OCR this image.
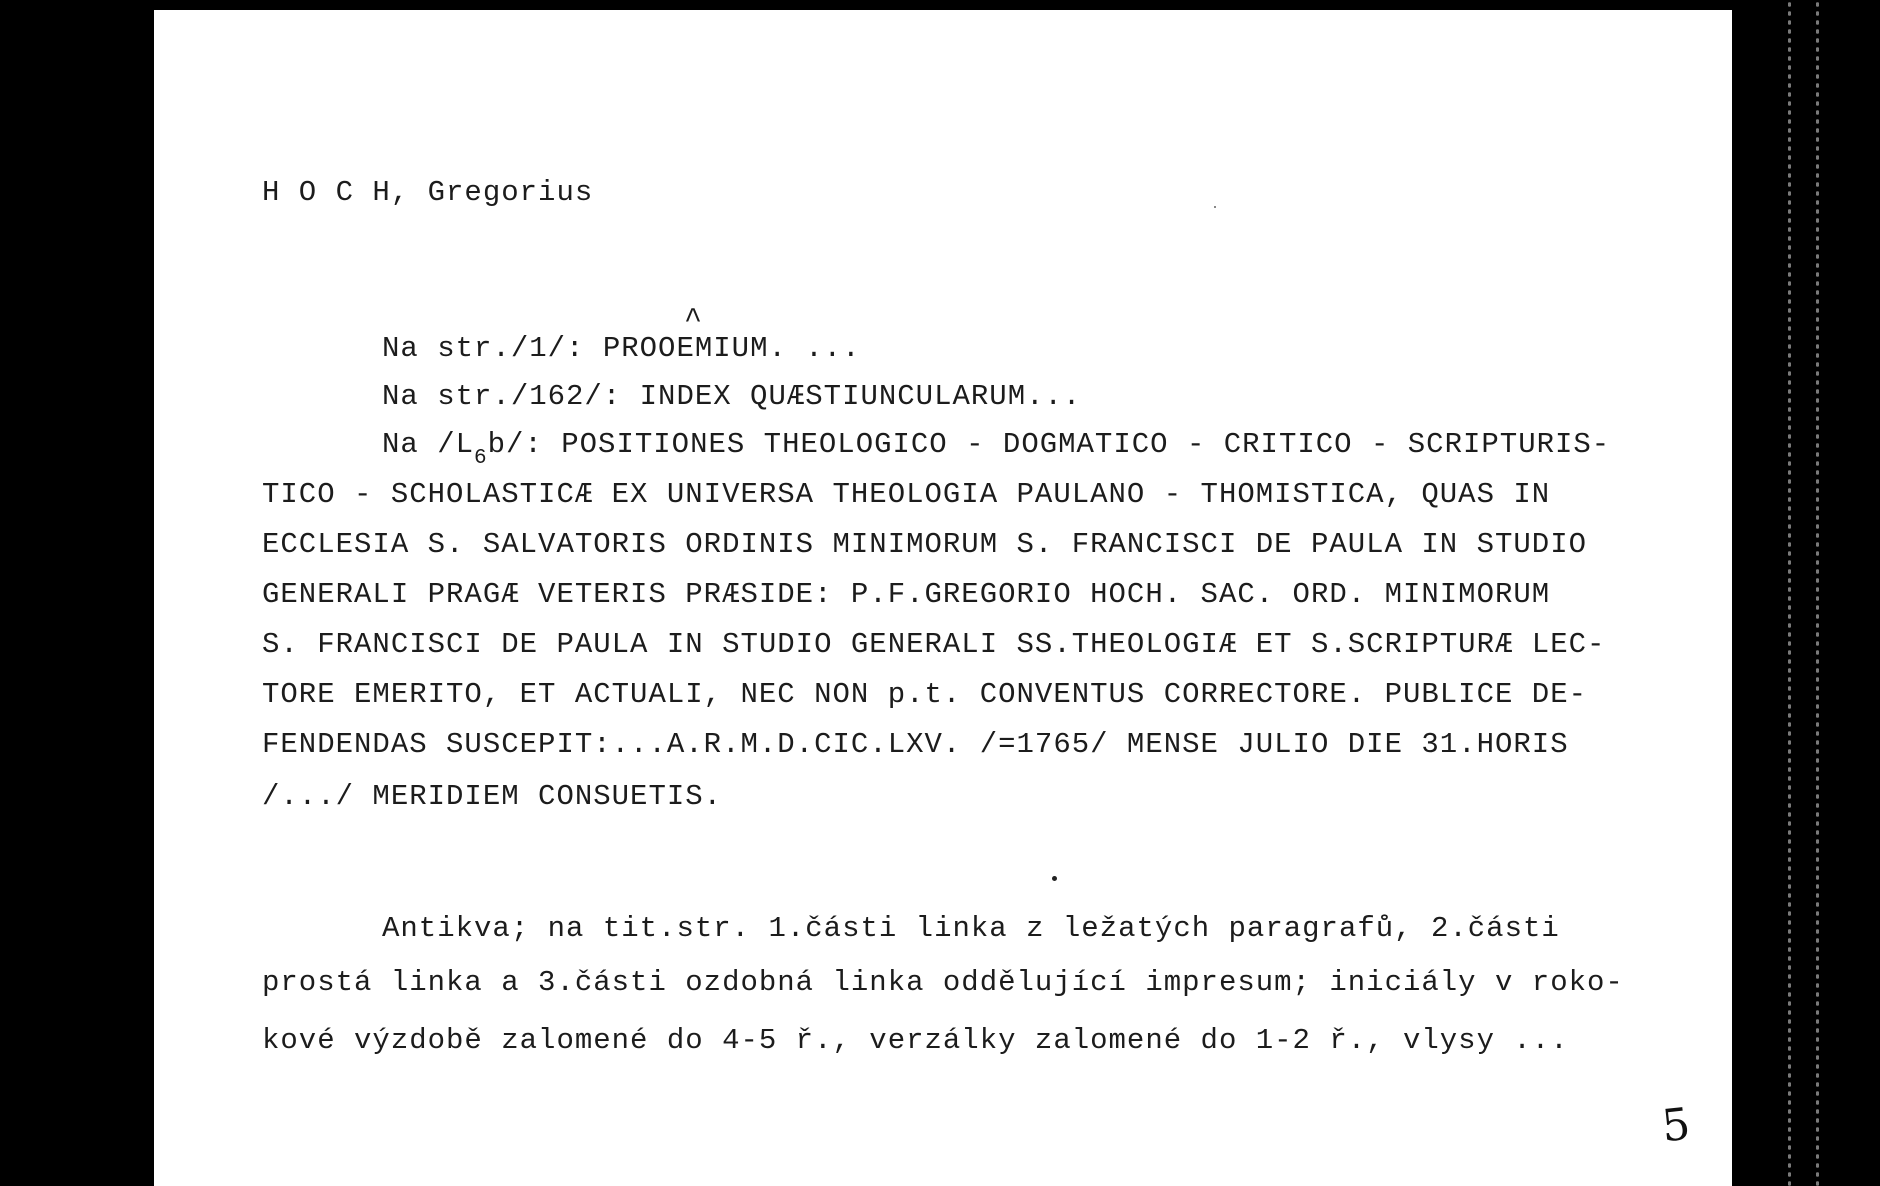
H O C H, Gregorius
^
Na str./1/: PROOEMIUM. ...
Na str./162/: INDEX QUÆSTIUNCULARUM...
Na $/L_6b/$: POSITIONES THEOLOGICO - DOGMATICO - CRITICO - SCRIPTURIS-
TICO - SCHOLASTICÆ EX UNIVERSA THEOLOGIA PAULANO - THOMISTICA, QUAS IN
ECCLESIA S. SALVATORIS ORDINIS MINIMORUM S. FRANCISCI DE PAULA IN STUDIO
GENERALI PRAGÆ VETERIS PRÆSIDE: P.F.GREGORIO HOCH. SAC. ORD. MINIMORUM
S. FRANCISCI DE PAULA IN STUDIO GENERALI SS.THEOLOGIÆ ET S.SCRIPTURÆ LEC-
TORE EMERITO, ET ACTUALI, NEC NON p.t. CONVENTUS CORRECTORE. PUBLICE DE-
FENDENDAS SUSCEPIT:...A.R.M.D.CIC.LXV. /=1765/ MENSE JULIO DIE 31.HORIS
/.../ MERIDIEM CONSUETIS.
Antikva; na tit.str. 1.části linka z ležatých paragrafů, 2.části
prostá linka a 3.části ozdobná linka oddělující impresum; iniciály v roko-
kové výzdobě zalomené do 4-5 ř., verzálky zalomené do 1-2 ř., vlysy ...
5
